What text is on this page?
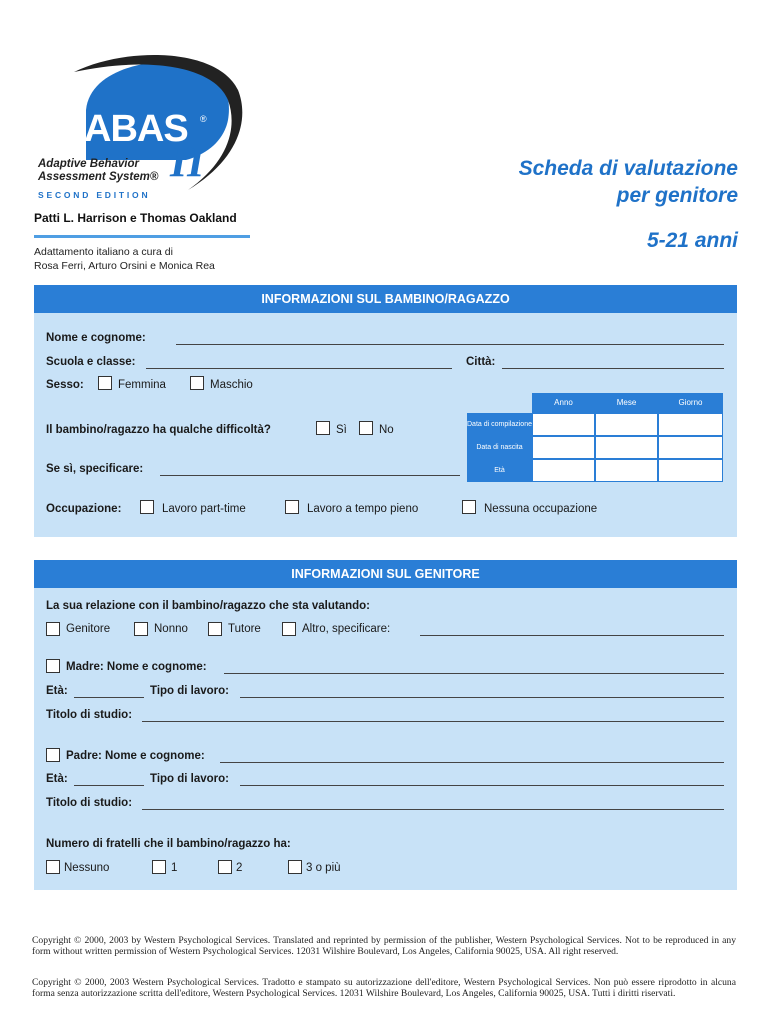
ABAS ®
II
Adaptive Behavior
Assessment System®
SECOND EDITION
Patti L. Harrison e Thomas Oakland
Adattamento italiano a cura di
Rosa Ferri, Arturo Orsini e Monica Rea
Scheda di valutazione
per genitore
5-21 anni
INFORMAZIONI SUL BAMBINO/RAGAZZO
Nome e cognome:
Scuola e classe:	Città:
Sesso:	Femmina	Maschio
Il bambino/ragazzo ha qualche difficoltà?	Sì	No
Se sì, specificare:
Anno	Mese	Giorno
Data di compilazione
Data di nascita
Età
Occupazione:	Lavoro part-time	Lavoro a tempo pieno	Nessuna occupazione
INFORMAZIONI SUL GENITORE
La sua relazione con il bambino/ragazzo che sta valutando:
Genitore	Nonno	Tutore	Altro, specificare:
Madre: Nome e cognome:
Età:	Tipo di lavoro:
Titolo di studio:
Padre: Nome e cognome:
Età:	Tipo di lavoro:
Titolo di studio:
Numero di fratelli che il bambino/ragazzo ha:
Nessuno	1	2	3 o più
Copyright © 2000, 2003 by Western Psychological Services. Translated and reprinted by permission of the publisher, Western Psychological Services. Not to be reproduced in any form without written permission of Western Psychological Services. 12031 Wilshire Boulevard, Los Angeles, California 90025, USA. All right reserved.
Copyright © 2000, 2003 Western Psychological Services. Tradotto e stampato su autorizzazione dell'editore, Western Psychological Services. Non può essere riprodotto in alcuna forma senza autorizzazione scritta dell'editore, Western Psychological Services. 12031 Wilshire Boulevard, Los Angeles, California 90025, USA. Tutti i diritti riservati.
